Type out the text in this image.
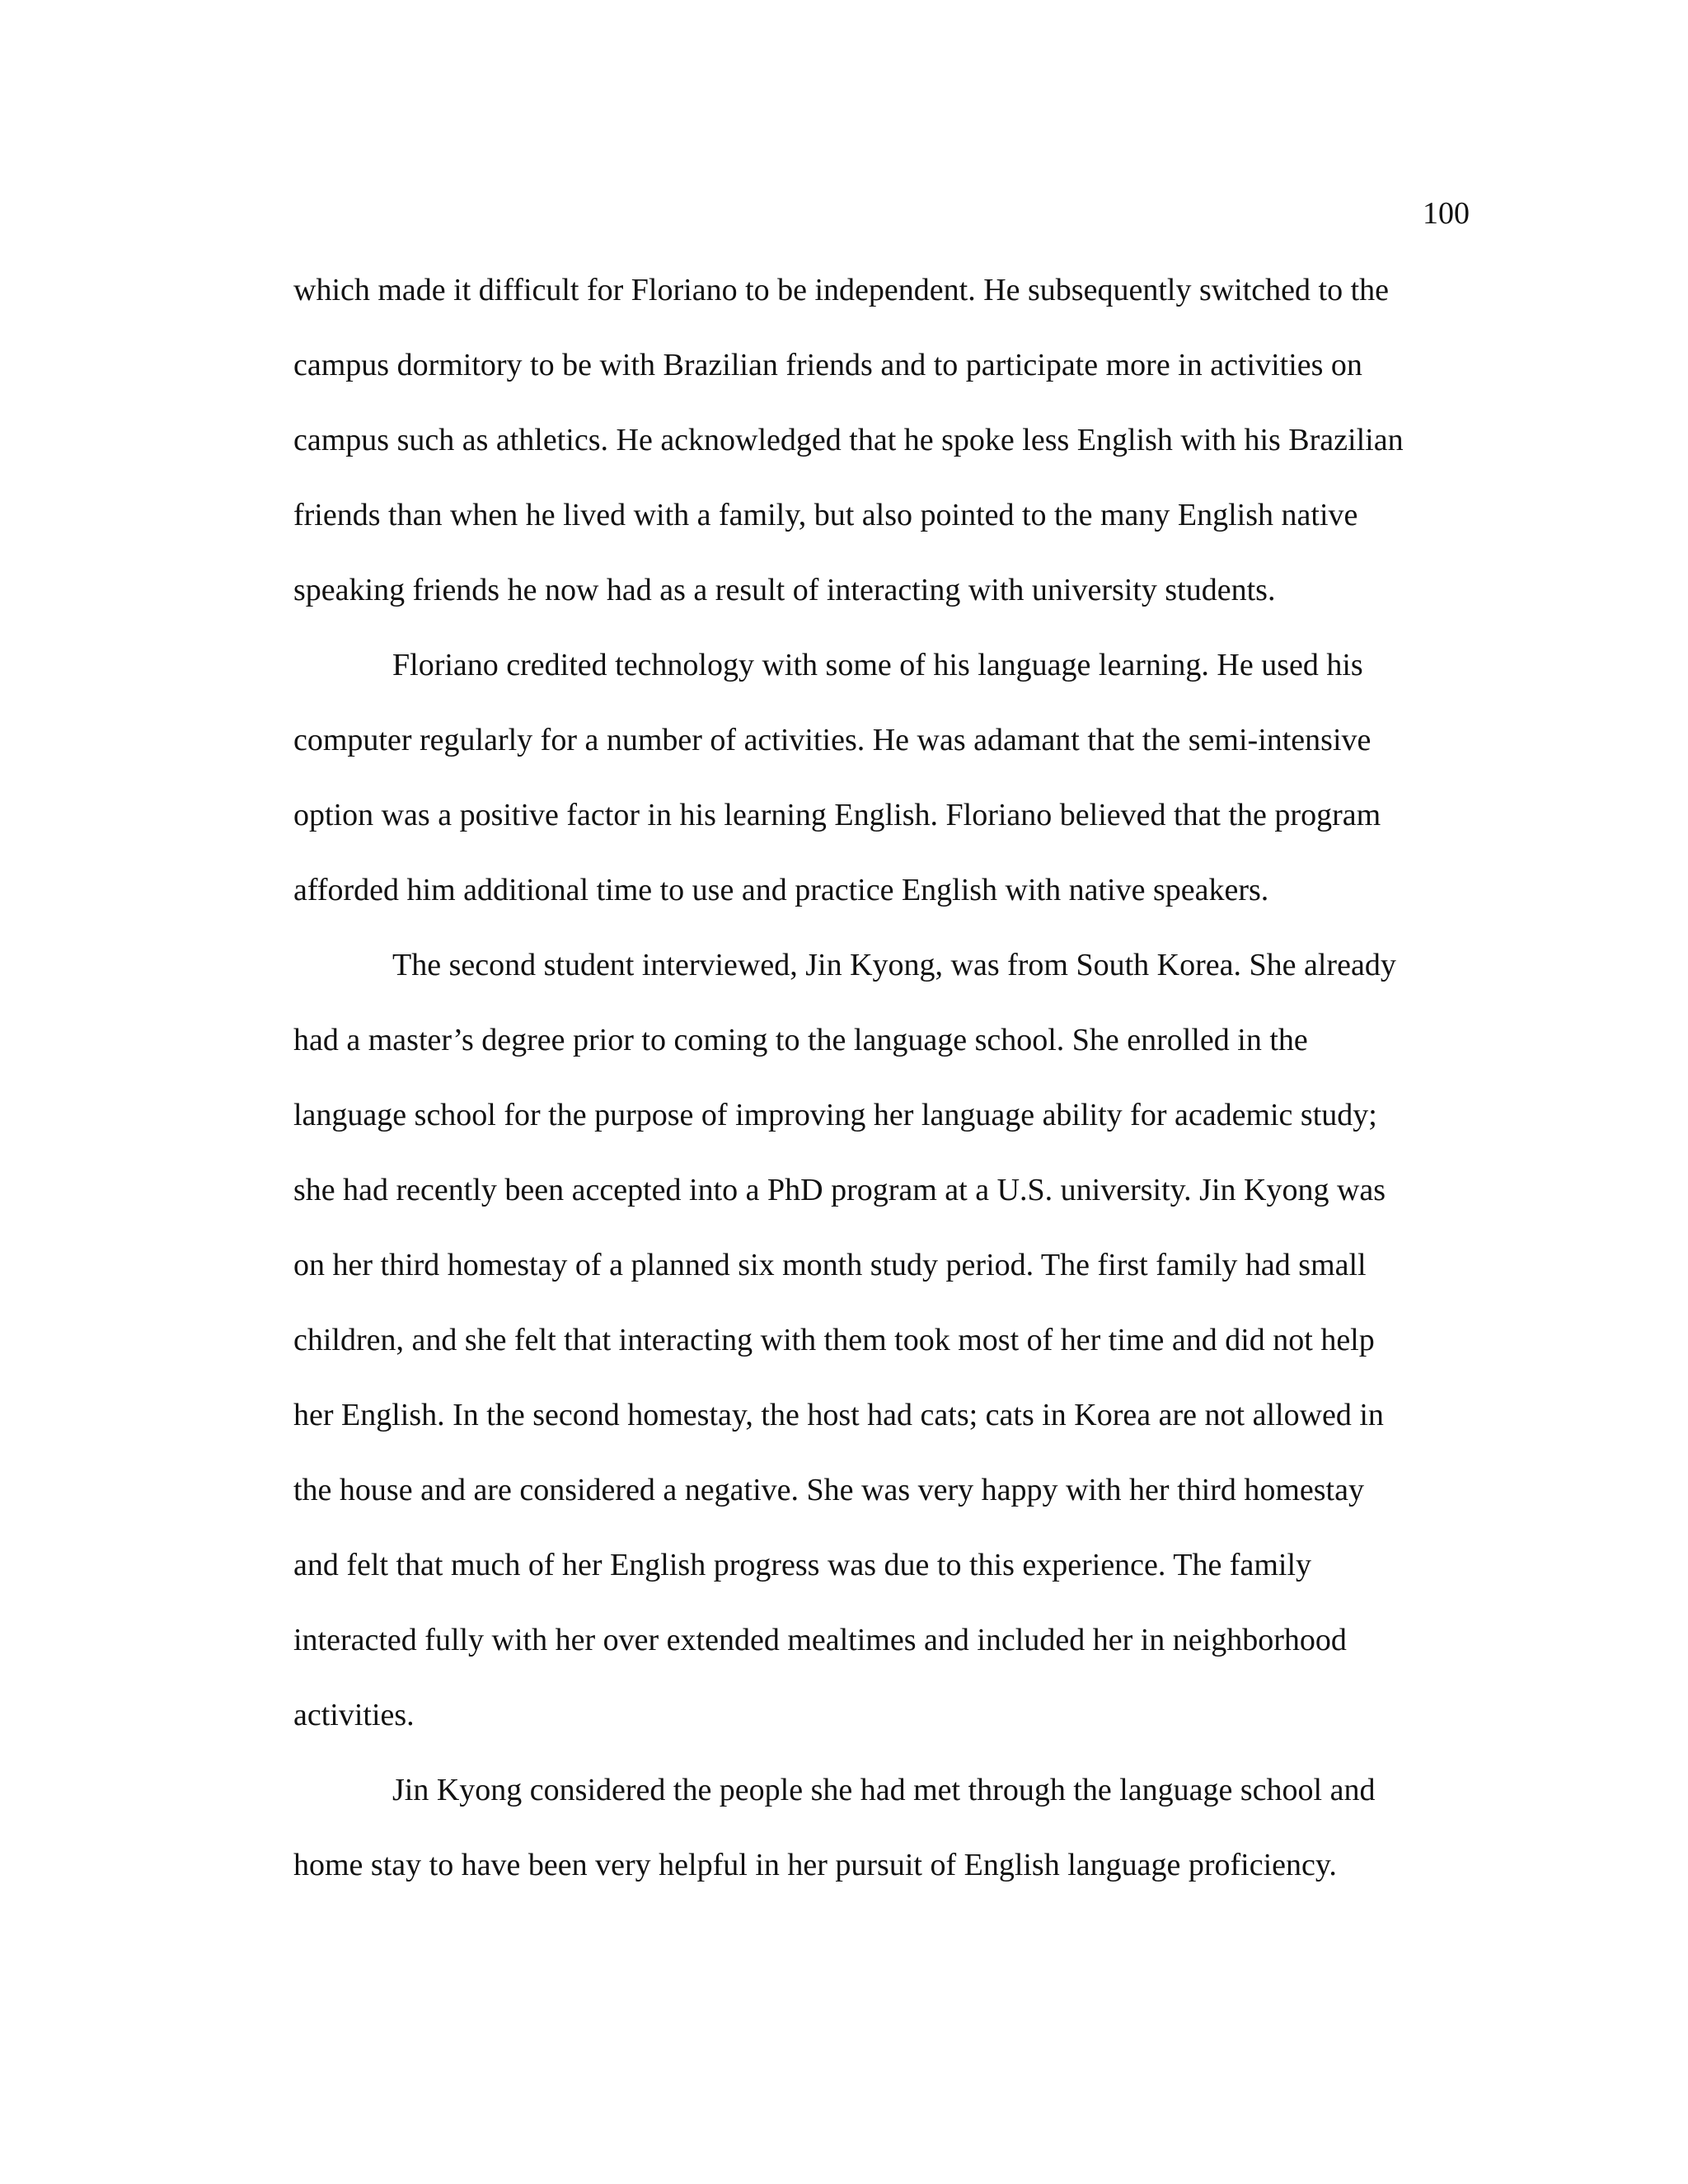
100

which made it difficult for Floriano to be independent. He subsequently switched to the
campus dormitory to be with Brazilian friends and to participate more in activities on
campus such as athletics. He acknowledged that he spoke less English with his Brazilian
friends than when he lived with a family, but also pointed to the many English native
speaking friends he now had as a result of interacting with university students.
Floriano credited technology with some of his language learning. He used his
computer regularly for a number of activities. He was adamant that the semi-intensive
option was a positive factor in his learning English. Floriano believed that the program
afforded him additional time to use and practice English with native speakers.
The second student interviewed, Jin Kyong, was from South Korea. She already
had a master’s degree prior to coming to the language school. She enrolled in the
language school for the purpose of improving her language ability for academic study;
she had recently been accepted into a PhD program at a U.S. university. Jin Kyong was
on her third homestay of a planned six month study period. The first family had small
children, and she felt that interacting with them took most of her time and did not help
her English. In the second homestay, the host had cats; cats in Korea are not allowed in
the house and are considered a negative. She was very happy with her third homestay
and felt that much of her English progress was due to this experience. The family
interacted fully with her over extended mealtimes and included her in neighborhood
activities.
Jin Kyong considered the people she had met through the language school and
home stay to have been very helpful in her pursuit of English language proficiency.
